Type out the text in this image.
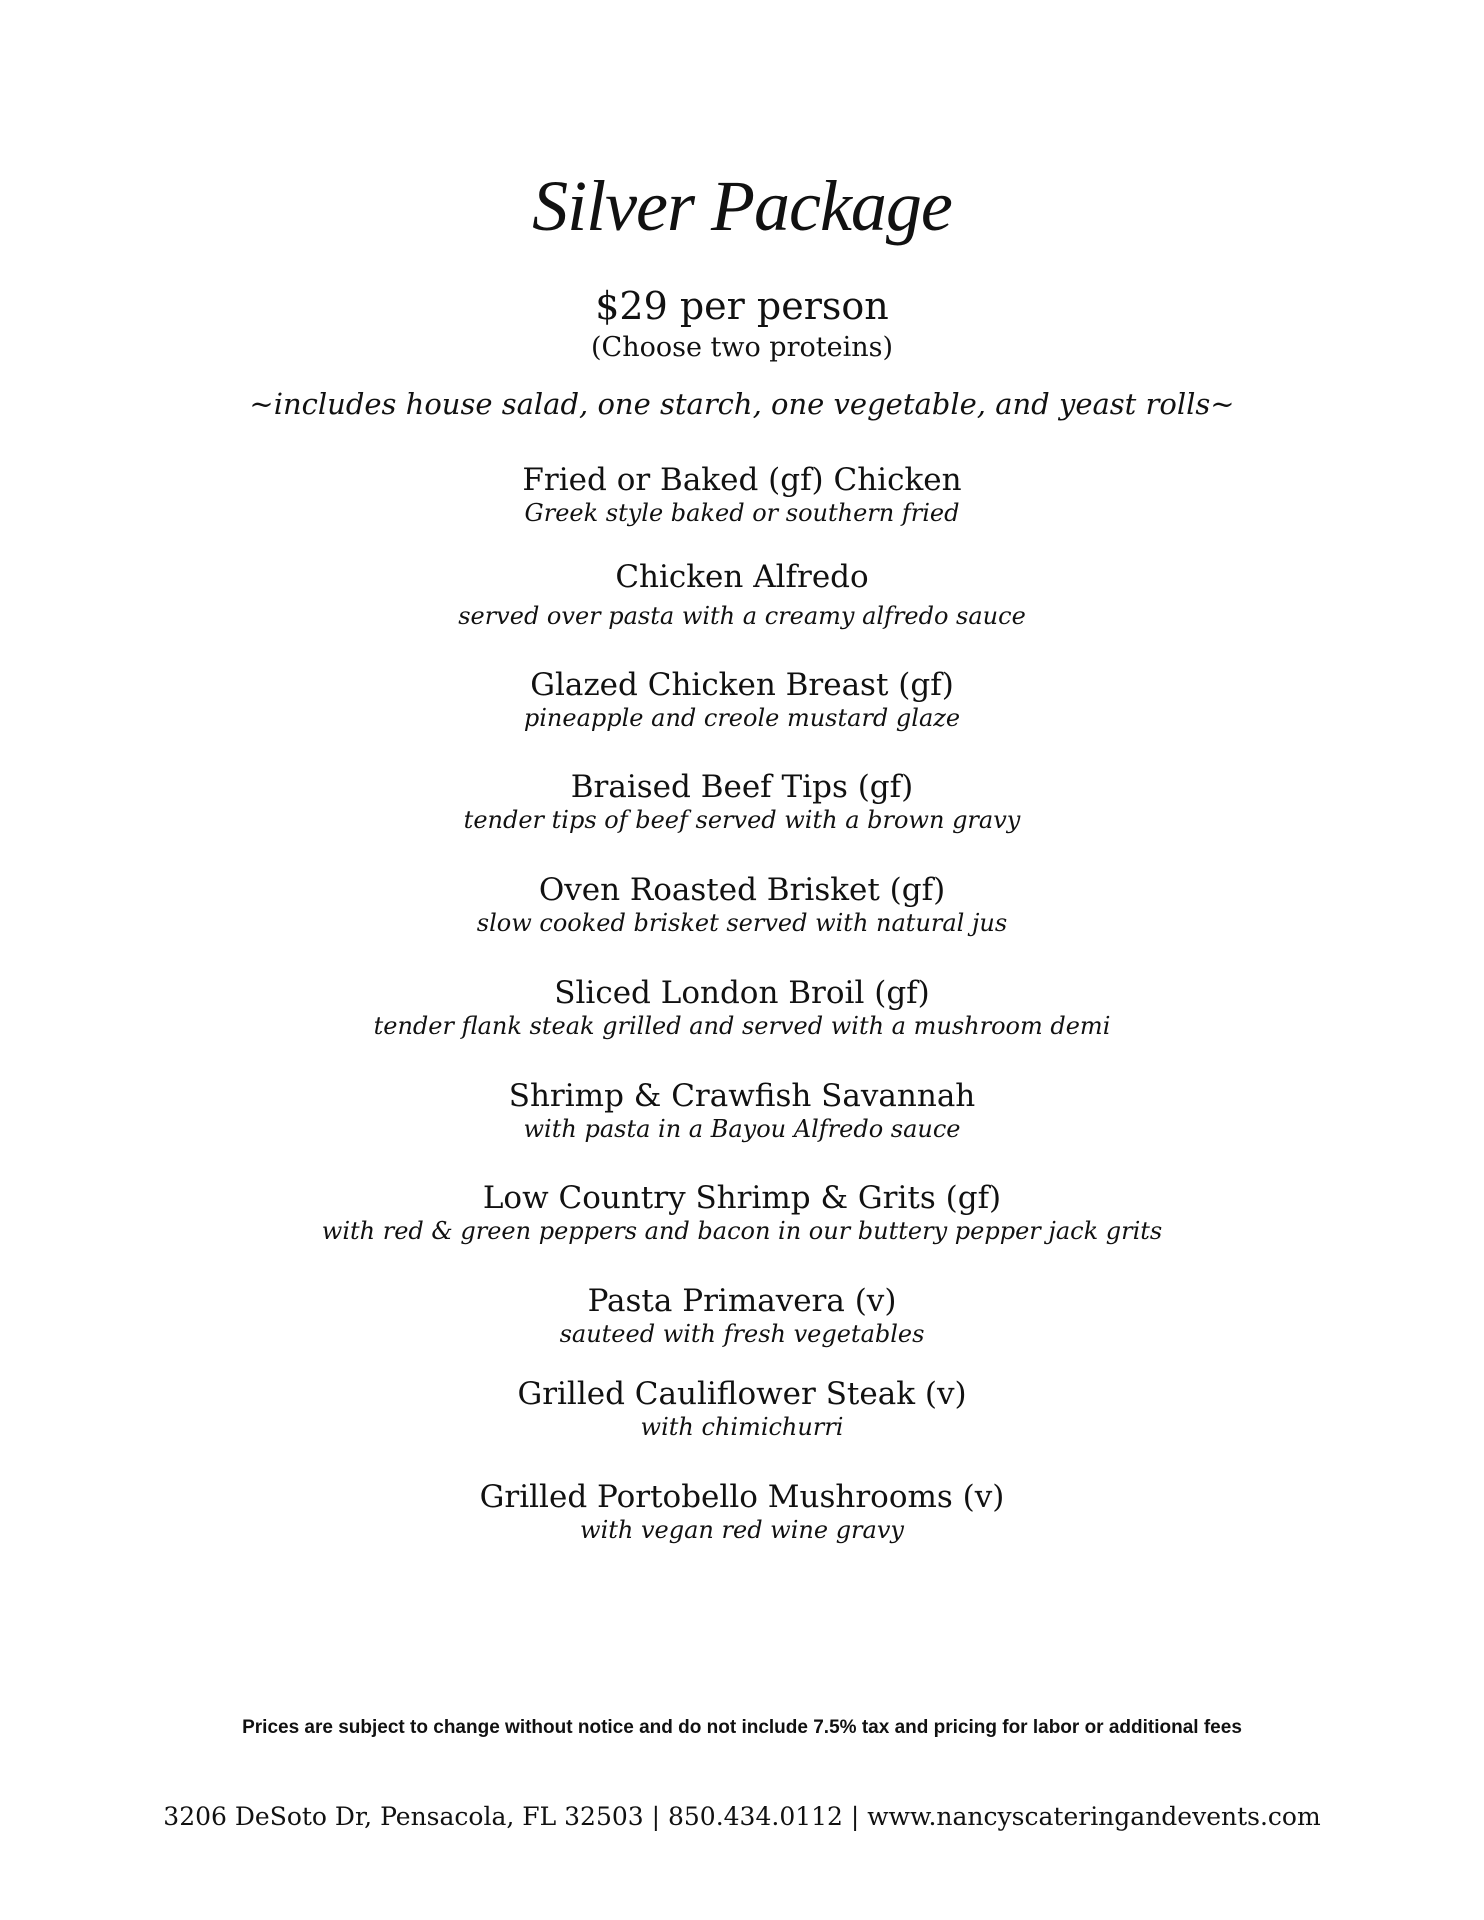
Silver Package
$29 per person
(Choose two proteins)
~includes house salad, one starch, one vegetable, and yeast rolls~
Fried or Baked (gf) Chicken
Greek style baked or southern fried
Chicken Alfredo
served over pasta with a creamy alfredo sauce
Glazed Chicken Breast (gf)
pineapple and creole mustard glaze
Braised Beef Tips (gf)
tender tips of beef served with a brown gravy
Oven Roasted Brisket (gf)
slow cooked brisket served with natural jus
Sliced London Broil (gf)
tender flank steak grilled and served with a mushroom demi
Shrimp & Crawfish Savannah
with pasta in a Bayou Alfredo sauce
Low Country Shrimp & Grits (gf)
with red & green peppers and bacon in our buttery pepper jack grits
Pasta Primavera (v)
sauteed with fresh vegetables
Grilled Cauliflower Steak (v)
with chimichurri
Grilled Portobello Mushrooms (v)
with vegan red wine gravy
Prices are subject to change without notice and do not include 7.5% tax and pricing for labor or additional fees
3206 DeSoto Dr, Pensacola, FL 32503 | 850.434.0112 | www.nancyscateringandevents.com
